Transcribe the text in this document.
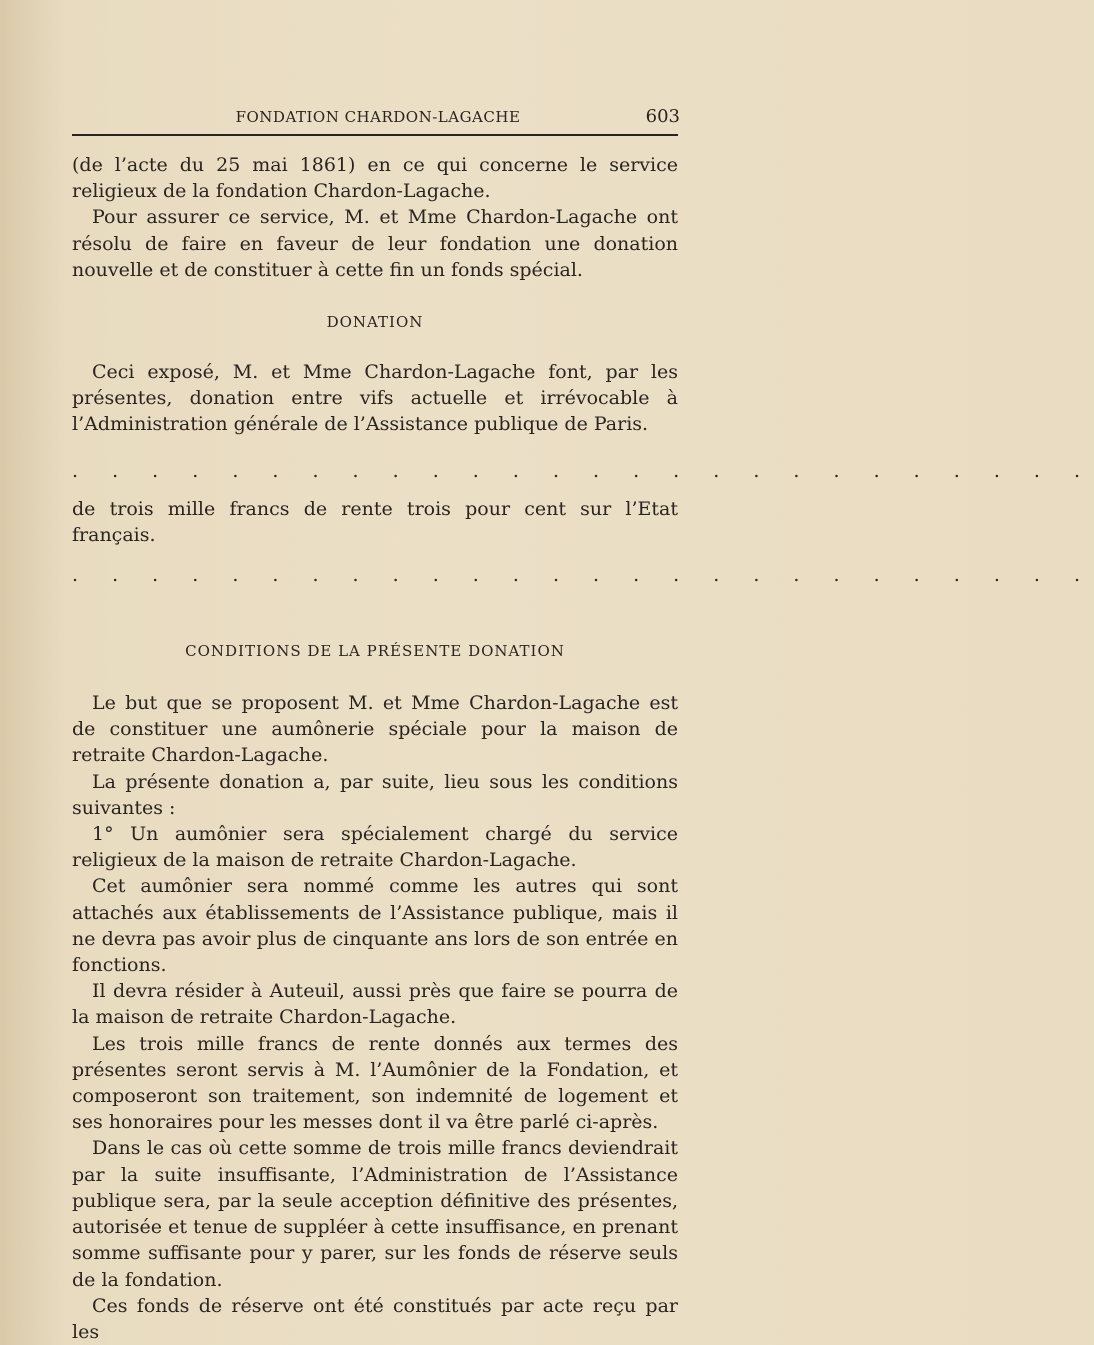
FONDATION CHARDON-LAGACHE	603

(de l’acte du 25 mai 1861) en ce qui concerne le service religieux de la fondation Chardon-Lagache.

Pour assurer ce service, M. et Mme Chardon-Lagache ont résolu de faire en faveur de leur fondation une donation nouvelle et de constituer à cette fin un fonds spécial.

DONATION

Ceci exposé, M. et Mme Chardon-Lagache font, par les présentes, donation entre vifs actuelle et irrévocable à l’Administration générale de l’Assistance publique de Paris.

. . . . . . . . . . . . . . . . . . . . . . . . . .

de trois mille francs de rente trois pour cent sur l’Etat français.

. . . . . . . . . . . . . . . . . . . . . . . . . .

CONDITIONS DE LA PRÉSENTE DONATION

Le but que se proposent M. et Mme Chardon-Lagache est de constituer une aumônerie spéciale pour la maison de retraite Chardon-Lagache.

La présente donation a, par suite, lieu sous les conditions suivantes :

1° Un aumônier sera spécialement chargé du service religieux de la maison de retraite Chardon-Lagache.

Cet aumônier sera nommé comme les autres qui sont attachés aux établissements de l’Assistance publique, mais il ne devra pas avoir plus de cinquante ans lors de son entrée en fonctions.

Il devra résider à Auteuil, aussi près que faire se pourra de la maison de retraite Chardon-Lagache.

Les trois mille francs de rente donnés aux termes des présentes seront servis à M. l’Aumônier de la Fondation, et composeront son traitement, son indemnité de logement et ses honoraires pour les messes dont il va être parlé ci-après.

Dans le cas où cette somme de trois mille francs deviendrait par la suite insuffisante, l’Administration de l’Assistance publique sera, par la seule acception définitive des présentes, autorisée et tenue de suppléer à cette insuffisance, en prenant somme suffisante pour y parer, sur les fonds de réserve seuls de la fondation.

Ces fonds de réserve ont été constitués par acte reçu par les
